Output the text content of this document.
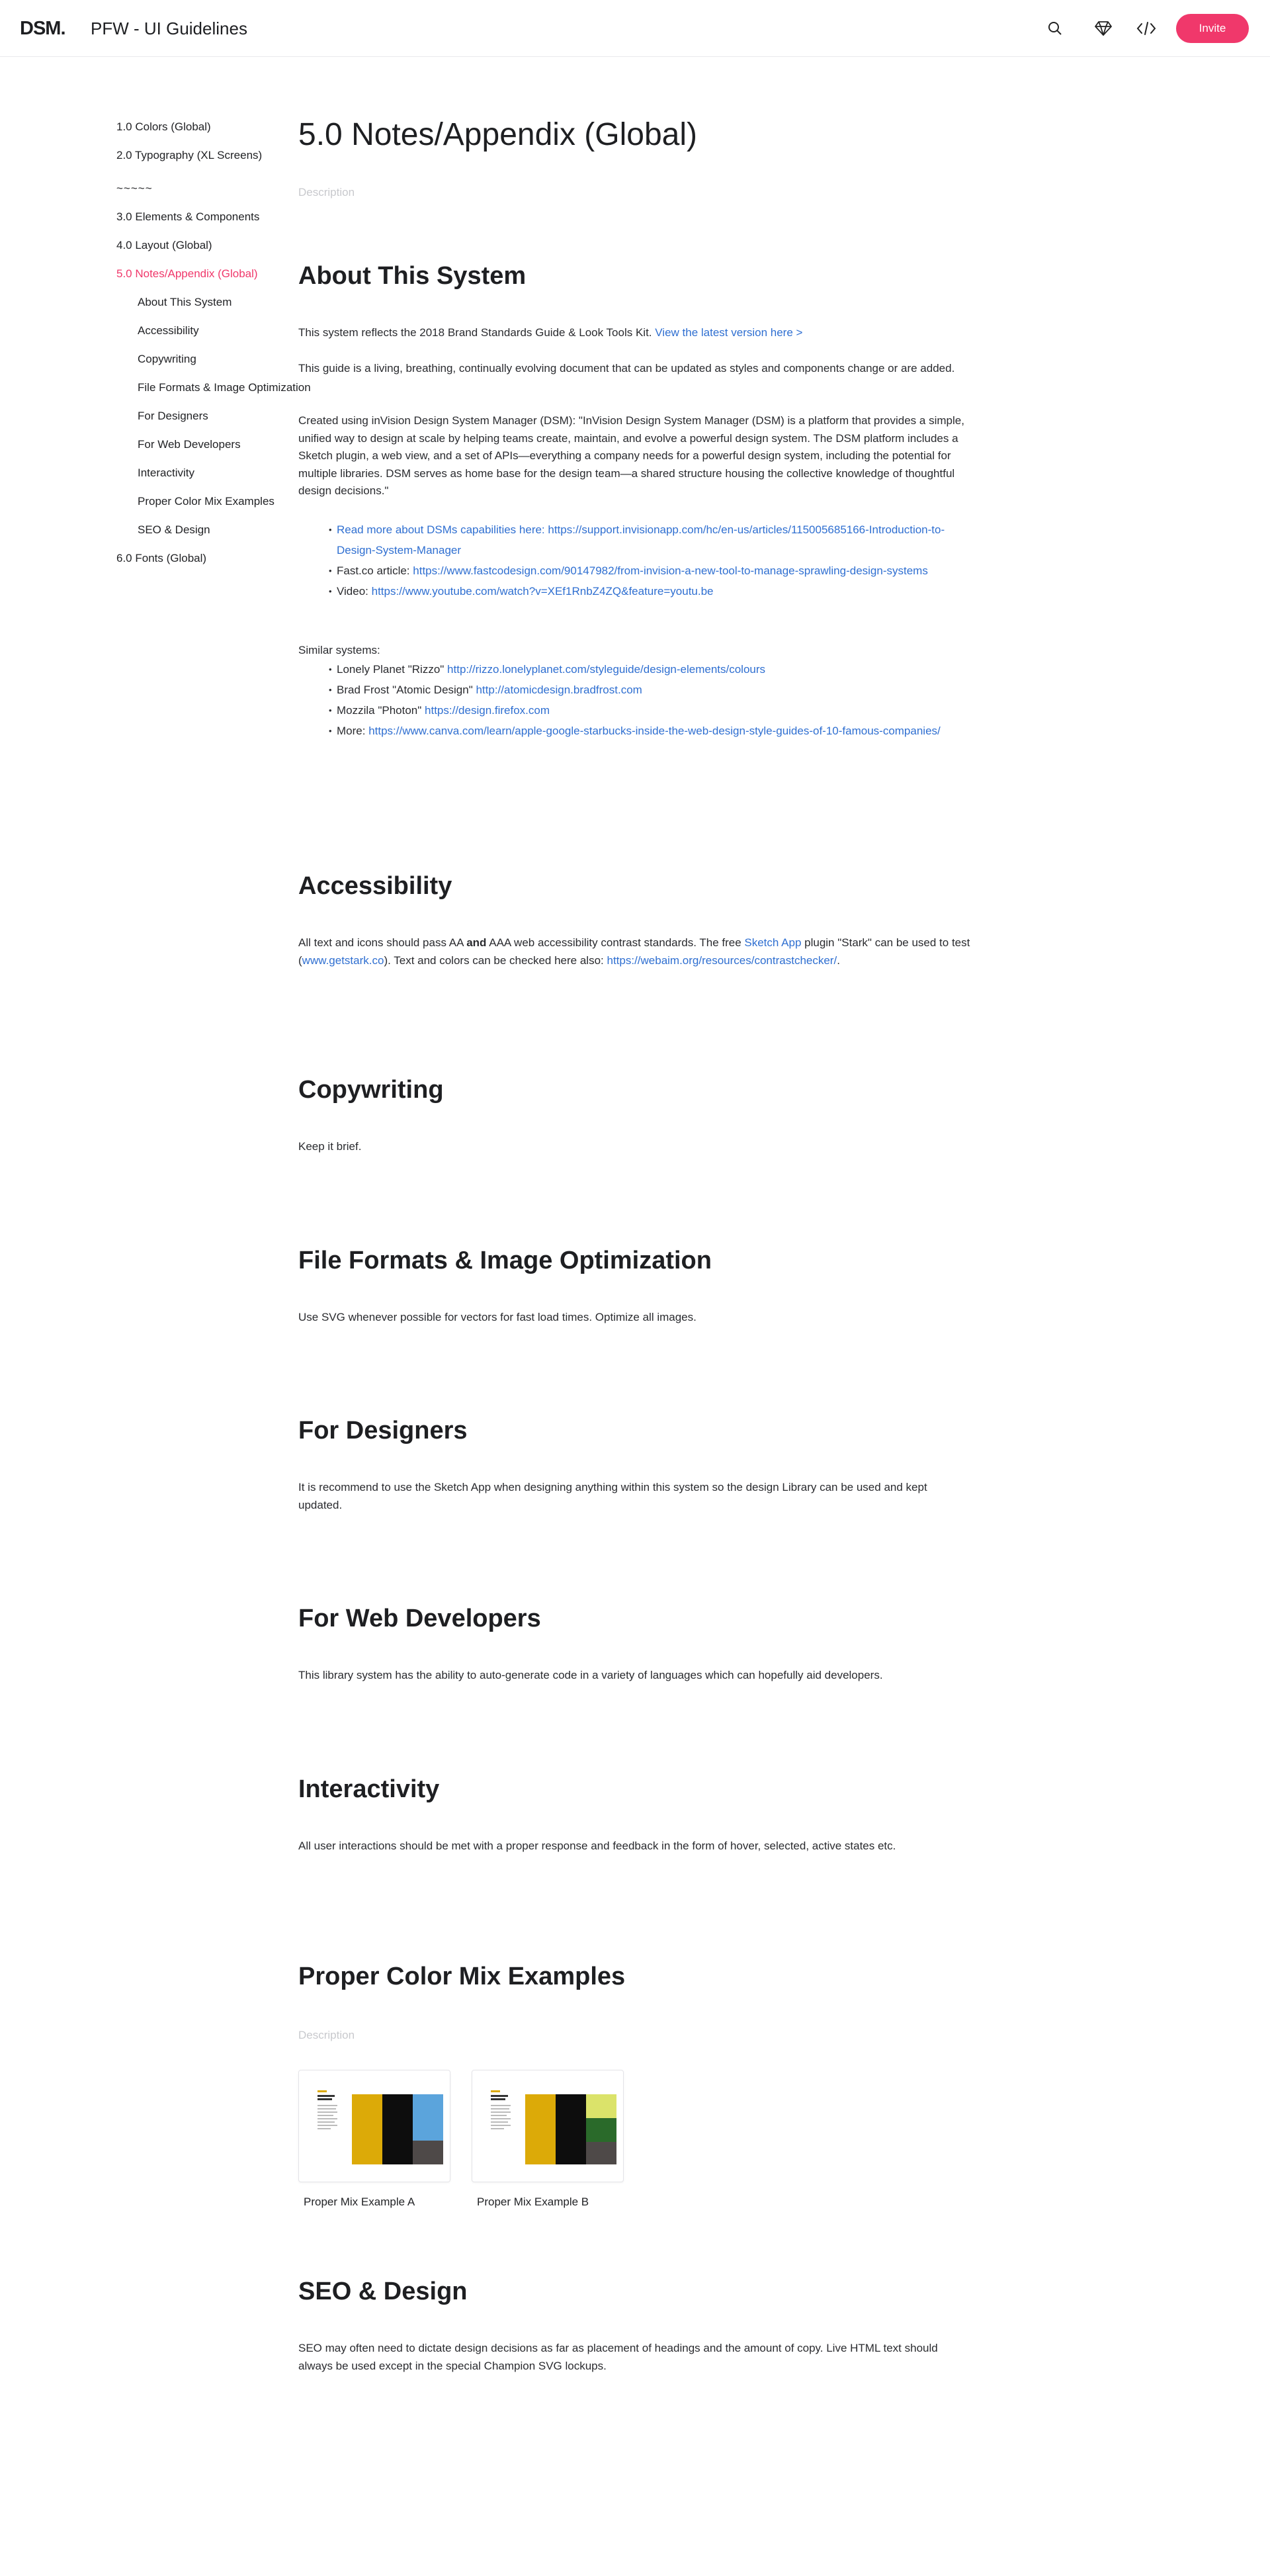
DSM. PFW - UI Guidelines	Invite
1.0 Colors (Global)
2.0 Typography (XL Screens)
~~~~~
3.0 Elements & Components
4.0 Layout (Global)
5.0 Notes/Appendix (Global)
About This System
Accessibility
Copywriting
File Formats & Image Optimization
For Designers
For Web Developers
Interactivity
Proper Color Mix Examples
SEO & Design
6.0 Fonts (Global)
5.0 Notes/Appendix (Global)
Description
About This System

This system reflects the 2018 Brand Standards Guide & Look Tools Kit. View the latest version here >

This guide is a living, breathing, continually evolving document that can be updated as styles and components change or are added.

Created using inVision Design System Manager (DSM): "InVision Design System Manager (DSM) is a platform that provides a simple, unified way to design at scale by helping teams create, maintain, and evolve a powerful design system. The DSM platform includes a Sketch plugin, a web view, and a set of APIs—everything a company needs for a powerful design system, including the potential for multiple libraries. DSM serves as home base for the design team—a shared structure housing the collective knowledge of thoughtful design decisions."

• Read more about DSMs capabilities here: https://support.invisionapp.com/hc/en-us/articles/115005685166-Introduction-to-Design-System-Manager
• Fast.co article: https://www.fastcodesign.com/90147982/from-invision-a-new-tool-to-manage-sprawling-design-systems
• Video: https://www.youtube.com/watch?v=XEf1RnbZ4ZQ&feature=youtu.be

Similar systems:

• Lonely Planet "Rizzo" http://rizzo.lonelyplanet.com/styleguide/design-elements/colours
• Brad Frost "Atomic Design" http://atomicdesign.bradfrost.com
• Mozzila "Photon" https://design.firefox.com
• More: https://www.canva.com/learn/apple-google-starbucks-inside-the-web-design-style-guides-of-10-famous-companies/
Accessibility

All text and icons should pass AA and AAA web accessibility contrast standards. The free Sketch App plugin "Stark" can be used to test (www.getstark.co). Text and colors can be checked here also: https://webaim.org/resources/contrastchecker/.

Copywriting

Keep it brief.

File Formats & Image Optimization

Use SVG whenever possible for vectors for fast load times. Optimize all images.

For Designers

It is recommend to use the Sketch App when designing anything within this system so the design Library can be used and kept updated.

For Web Developers

This library system has the ability to auto-generate code in a variety of languages which can hopefully aid developers.

Interactivity

All user interactions should be met with a proper response and feedback in the form of hover, selected, active states etc.

Proper Color Mix Examples
Description
Proper Mix Example A	Proper Mix Example B
SEO & Design

SEO may often need to dictate design decisions as far as placement of headings and the amount of copy. Live HTML text should always be used except in the special Champion SVG lockups.
